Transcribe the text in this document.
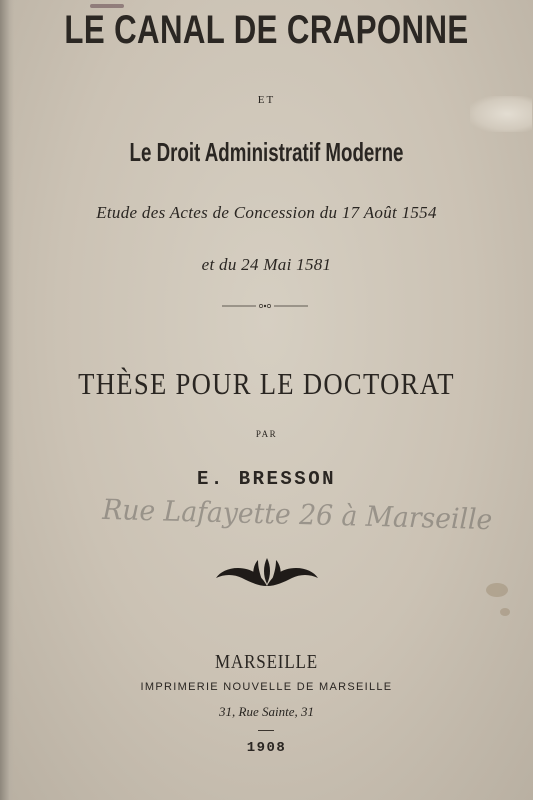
LE CANAL DE CRAPONNE
ET
Le Droit Administratif Moderne
Etude des Actes de Concession du 17 Août 1554
et du 24 Mai 1581
THÈSE POUR LE DOCTORAT
PAR
E. BRESSON
Rue Lafayette 26 à Marseille
MARSEILLE
IMPRIMERIE NOUVELLE DE MARSEILLE
31, Rue Sainte, 31
1908
